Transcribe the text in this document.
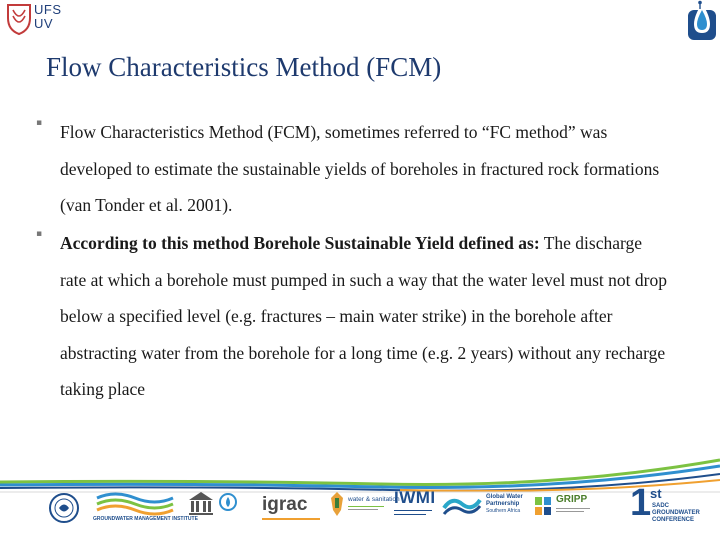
UFS
UV
Flow Characteristics Method (FCM)
▪ Flow Characteristics Method (FCM), sometimes referred to “FC method” was developed to estimate the sustainable yields of boreholes in fractured rock formations (van Tonder et al. 2001).
▪ According to this method Borehole Sustainable Yield defined as: The discharge rate at which a borehole must pumped in such a way that the water level must not drop below a specified level (e.g. fractures – main water strike) in the borehole after abstracting water from the borehole for a long time (e.g. 2 years) without any recharge taking place
GROUNDWATER MANAGEMENT INSTITUTE
igrac	water & sanitation
IWMI	Global Water
Partnership
Southern Africa
GRIPP 1
st
SADC
GROUNDWATER
CONFERENCE
